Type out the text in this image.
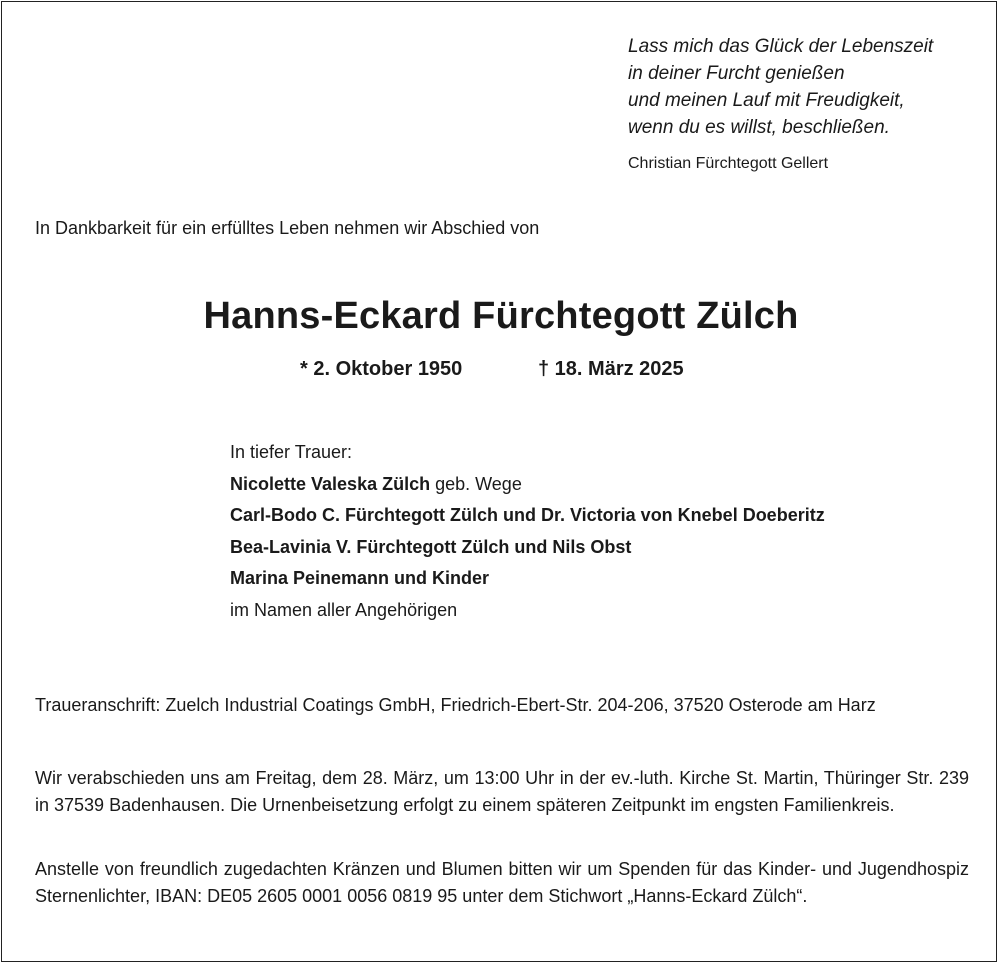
Lass mich das Glück der Lebenszeit
in deiner Furcht genießen
und meinen Lauf mit Freudigkeit,
wenn du es willst, beschließen.
Christian Fürchtegott Gellert
In Dankbarkeit für ein erfülltes Leben nehmen wir Abschied von
Hanns-Eckard Fürchtegott Zülch
* 2. Oktober 1950	† 18. März 2025
In tiefer Trauer:
Nicolette Valeska Zülch geb. Wege
Carl-Bodo C. Fürchtegott Zülch und Dr. Victoria von Knebel Doeberitz
Bea-Lavinia V. Fürchtegott Zülch und Nils Obst
Marina Peinemann und Kinder
im Namen aller Angehörigen
Traueranschrift: Zuelch Industrial Coatings GmbH, Friedrich-Ebert-Str. 204-206, 37520 Osterode am Harz
Wir verabschieden uns am Freitag, dem 28. März, um 13:00 Uhr in der ev.-luth. Kirche St. Martin, Thüringer Str. 239 in 37539 Badenhausen. Die Urnenbeisetzung erfolgt zu einem späteren Zeitpunkt im engsten Familienkreis.
Anstelle von freundlich zugedachten Kränzen und Blumen bitten wir um Spenden für das Kinder- und Jugendhospiz Sternenlichter, IBAN: DE05 2605 0001 0056 0819 95 unter dem Stichwort „Hanns-Eckard Zülch“.
